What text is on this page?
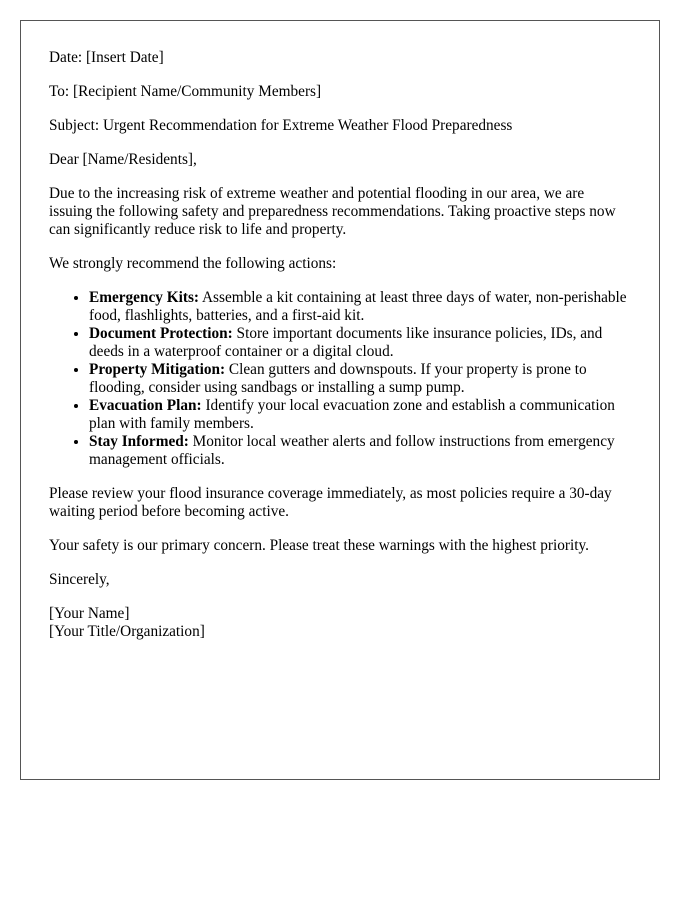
Date: [Insert Date]

To: [Recipient Name/Community Members]

Subject: Urgent Recommendation for Extreme Weather Flood Preparedness

Dear [Name/Residents],

Due to the increasing risk of extreme weather and potential flooding in our area, we are issuing the following safety and preparedness recommendations. Taking proactive steps now can significantly reduce risk to life and property.

We strongly recommend the following actions:

• Emergency Kits: Assemble a kit containing at least three days of water, non-perishable food, flashlights, batteries, and a first-aid kit.
• Document Protection: Store important documents like insurance policies, IDs, and deeds in a waterproof container or a digital cloud.
• Property Mitigation: Clean gutters and downspouts. If your property is prone to flooding, consider using sandbags or installing a sump pump.
• Evacuation Plan: Identify your local evacuation zone and establish a communication plan with family members.
• Stay Informed: Monitor local weather alerts and follow instructions from emergency management officials.

Please review your flood insurance coverage immediately, as most policies require a 30-day waiting period before becoming active.

Your safety is our primary concern. Please treat these warnings with the highest priority.

Sincerely,

[Your Name]
[Your Title/Organization]
